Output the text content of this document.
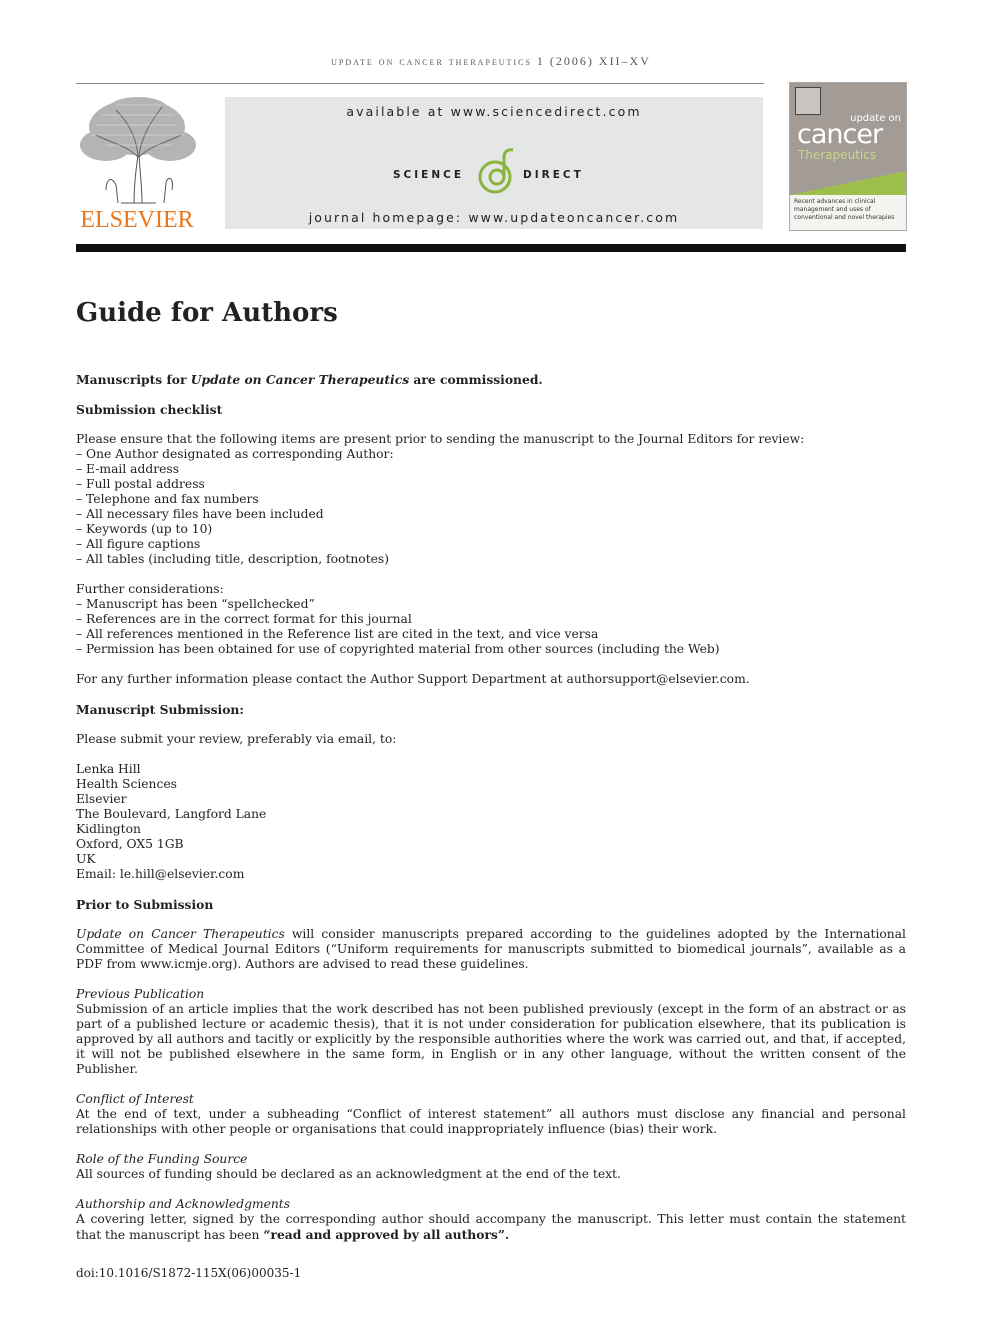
update on cancer therapeutics 1 (2006) XII–XV
ELSEVIER
available at www.sciencedirect.com
SCIENCE	DIRECT
journal homepage: www.updateoncancer.com
update on
cancer
Therapeutics
Recent advances in clinical
management and uses of
conventional and novel therapies
Guide for Authors

Manuscripts for Update on Cancer Therapeutics are commissioned.

Submission checklist

Please ensure that the following items are present prior to sending the manuscript to the Journal Editors for review:

– One Author designated as corresponding Author:

– E-mail address

– Full postal address

– Telephone and fax numbers

– All necessary files have been included

– Keywords (up to 10)

– All figure captions

– All tables (including title, description, footnotes)

Further considerations:

– Manuscript has been “spellchecked”

– References are in the correct format for this journal

– All references mentioned in the Reference list are cited in the text, and vice versa

– Permission has been obtained for use of copyrighted material from other sources (including the Web)

For any further information please contact the Author Support Department at authorsupport@elsevier.com.

Manuscript Submission:

Please submit your review, preferably via email, to:

Lenka Hill

Health Sciences

Elsevier

The Boulevard, Langford Lane

Kidlington

Oxford, OX5 1GB

UK

Email: le.hill@elsevier.com

Prior to Submission

Update on Cancer Therapeutics will consider manuscripts prepared according to the guidelines adopted by the International Committee of Medical Journal Editors (“Uniform requirements for manuscripts submitted to biomedical journals”, available as a PDF from www.icmje.org). Authors are advised to read these guidelines.

Previous Publication

Submission of an article implies that the work described has not been published previously (except in the form of an abstract or as part of a published lecture or academic thesis), that it is not under consideration for publication elsewhere, that its publication is approved by all authors and tacitly or explicitly by the responsible authorities where the work was carried out, and that, if accepted, it will not be published elsewhere in the same form, in English or in any other language, without the written consent of the Publisher.

Conflict of Interest

At the end of text, under a subheading “Conflict of interest statement” all authors must disclose any financial and personal relationships with other people or organisations that could inappropriately influence (bias) their work.

Role of the Funding Source

All sources of funding should be declared as an acknowledgment at the end of the text.

Authorship and Acknowledgments

A covering letter, signed by the corresponding author should accompany the manuscript. This letter must contain the statement that the manuscript has been “read and approved by all authors”.

doi:10.1016/S1872-115X(06)00035-1
